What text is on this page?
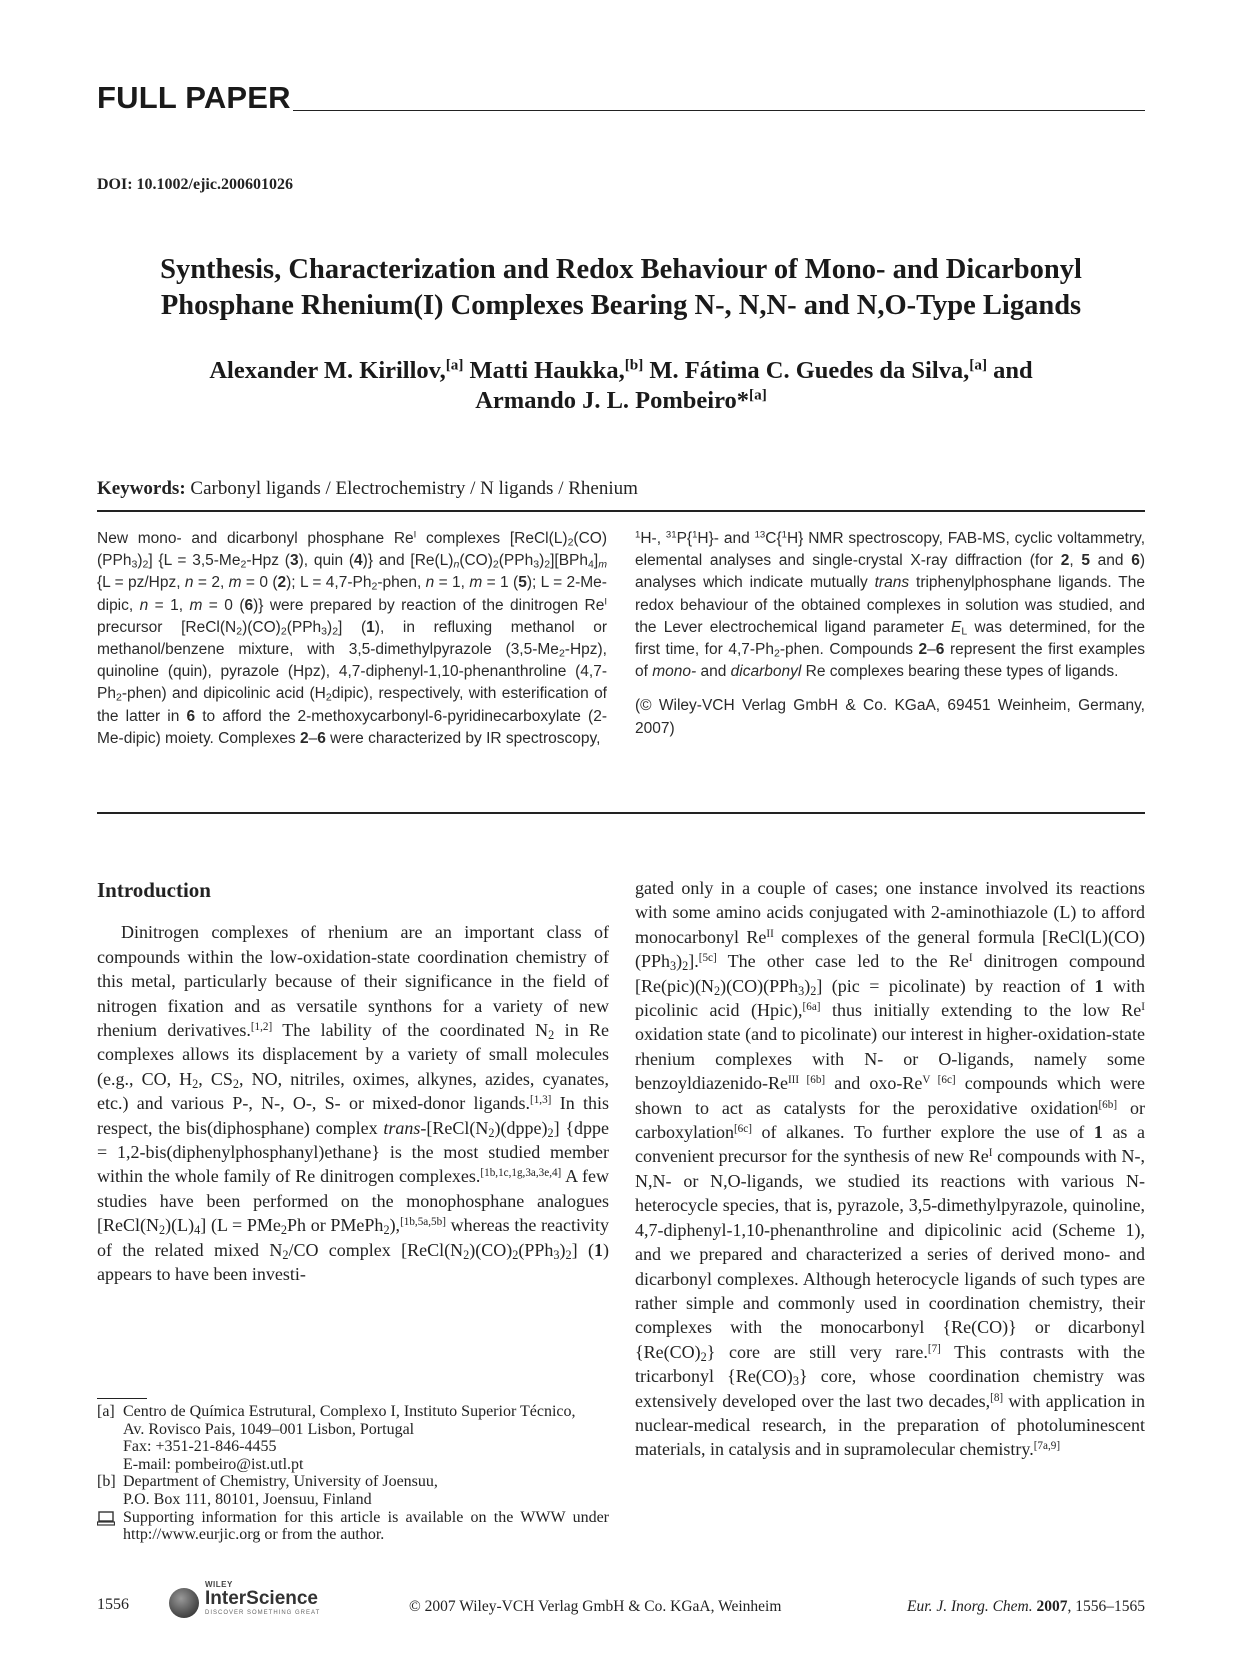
FULL PAPER
DOI: 10.1002/ejic.200601026
Synthesis, Characterization and Redox Behaviour of Mono- and Dicarbonyl
Phosphane Rhenium(I) Complexes Bearing N-, N,N- and N,O-Type Ligands
Alexander M. Kirillov,[a] Matti Haukka,[b] M. Fátima C. Guedes da Silva,[a] and
Armando J. L. Pombeiro*[a]
Keywords: Carbonyl ligands / Electrochemistry / N ligands / Rhenium

New mono- and dicarbonyl phosphane $Re^I$ complexes $[ReCl(L)_2(CO)(PPh_3)_2] \{L = 3,5-Me_2-Hpz$ (3), quin (4)} and $[Re(L)_n(CO)_2(PPh_3)_2][BPh_4]_m$ {L = pz/Hpz, n = 2, m = 0 (2); $L = 4,7-Ph_2$-phen, n = 1, m = 1 (5); L = 2-Me-dipic, n = 1, m = 0 (6)} were prepared by reaction of the dinitrogen $Re^I$ precursor $[ReCl(N_2)(CO)_2(PPh_3)_2]$ (1), in refluxing methanol or methanol/benzene mixture, with 3,5-dimethylpyrazole $(3,5-Me_2-Hpz)$, quinoline (quin), pyrazole (Hpz), 4,7-diphenyl-1,10-phenanthroline $(4,7-Ph_2-phen)$ and dipicolinic acid $(H_2dipic)$, respectively, with esterification of the latter in 6 to afford the 2-methoxycarbonyl-6-pyridinecarboxylate (2-Me-dipic) moiety. Complexes 2–6 were characterized by IR spectroscopy,

$^1$H-, $^{31}$P{$^1$H}- and $^{13}$C{$^1$H} NMR spectroscopy, FAB-MS, cyclic voltammetry, elemental analyses and single-crystal X-ray diffraction (for 2, 5 and 6) analyses which indicate mutually trans triphenylphosphane ligands. The redox behaviour of the obtained complexes in solution was studied, and the Lever electrochemical ligand parameter $E_L$ was determined, for the first time, for $4,7-Ph_2$-phen. Compounds 2–6 represent the first examples of mono- and dicarbonyl Re complexes bearing these types of ligands.

(© Wiley-VCH Verlag GmbH & Co. KGaA, 69451 Weinheim, Germany, 2007)

Introduction

Dinitrogen complexes of rhenium are an important class of compounds within the low-oxidation-state coordination chemistry of this metal, particularly because of their significance in the field of nitrogen fixation and as versatile synthons for a variety of new rhenium derivatives.[1,2] The lability of the coordinated $N_2$ in Re complexes allows its displacement by a variety of small molecules (e.g., CO, $H_2$, $CS_2$, NO, nitriles, oximes, alkynes, azides, cyanates, etc.) and various P-, N-, O-, S- or mixed-donor ligands.[1,3] In this respect, the bis(diphosphane) complex trans-$[ReCl(N_2)(dppe)_2]$ {dppe = 1,2-bis(diphenylphosphanyl)ethane} is the most studied member within the whole family of Re dinitrogen complexes.[1b,1c,1g,3a,3e,4] A few studies have been performed on the monophosphane analogues $[ReCl(N_2)(L)_4] (L = PMe_2Ph$ or PMePh$_2$),[1b,5a,5b] whereas the reactivity of the related mixed $N_2/CO$ complex $[ReCl(N_2)(CO)_2(PPh_3)_2]$ (1) appears to have been investi-

gated only in a couple of cases; one instance involved its reactions with some amino acids conjugated with 2-aminothiazole (L) to afford monocarbonyl $Re^{II}$ complexes of the general formula $[ReCl(L)(CO)(PPh_3)_2].[5c]$ The other case led to the $Re^I$ dinitrogen compound $[Re(pic)(N_2)(CO)(PPh_3)_2] (pic$ = picolinate) by reaction of 1 with picolinic acid (Hpic),[6a] thus initially extending to the low $Re^I$ oxidation state (and to picolinate) our interest in higher-oxidation-state rhenium complexes with N- or O-ligands, namely some benzoyldiazenido-$Re^{III [6b]}$ and oxo-$Re^{V [6c]}$ compounds which were shown to act as catalysts for the peroxidative oxidation[6b] or carboxylation[6c] of alkanes. To further explore the use of 1 as a convenient precursor for the synthesis of new $Re^I$ compounds with N-, N,N- or N,O-ligands, we studied its reactions with various N-heterocycle species, that is, pyrazole, 3,5-dimethylpyrazole, quinoline, 4,7-diphenyl-1,10-phenanthroline and dipicolinic acid (Scheme 1), and we prepared and characterized a series of derived mono- and dicarbonyl complexes. Although heterocycle ligands of such types are rather simple and commonly used in coordination chemistry, their complexes with the monocarbonyl {Re(CO)} or dicarbonyl $\{Re(CO)_2\}$ core are still very rare.[7] This contrasts with the tricarbonyl $\{Re(CO)_3\}$ core, whose coordination chemistry was extensively developed over the last two decades,[8] with application in nuclear-medical research, in the preparation of photoluminescent materials, in catalysis and in supramolecular chemistry.[7a,9]

[a] Centro de Química Estrutural, Complexo I, Instituto Superior Técnico,
Av. Rovisco Pais, 1049–001 Lisbon, Portugal
Fax: +351-21-846-4455
E-mail: pombeiro@ist.utl.pt
[b] Department of Chemistry, University of Joensuu,
P.O. Box 111, 80101, Joensuu, Finland
Supporting information for this article is available on the WWW under http://www.eurjic.org or from the author.
1556
WILEY
InterScience
DISCOVER SOMETHING GREAT	© 2007 Wiley-VCH Verlag GmbH & Co. KGaA, Weinheim	Eur. J. Inorg. Chem. 2007, 1556–1565
